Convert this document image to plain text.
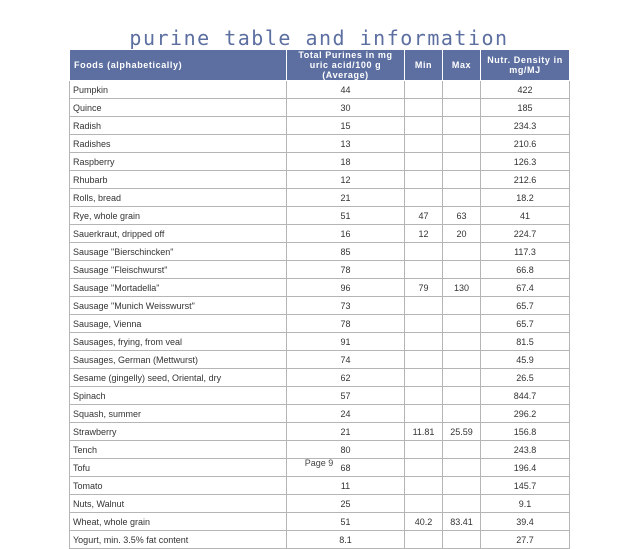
purine table and information
Foods (alphabetically)	Total Purines in mg uric acid/100 g (Average)	Min	Max	Nutr. Density in mg/MJ
Pumpkin	44			422
Quince	30			185
Radish	15			234.3
Radishes	13			210.6
Raspberry	18			126.3
Rhubarb	12			212.6
Rolls, bread	21			18.2
Rye, whole grain	51	47	63	41
Sauerkraut, dripped off	16	12	20	224.7
Sausage "Bierschincken"	85			117.3
Sausage "Fleischwurst"	78			66.8
Sausage "Mortadella"	96	79	130	67.4
Sausage "Munich Weisswurst"	73			65.7
Sausage, Vienna	78			65.7
Sausages, frying, from veal	91			81.5
Sausages, German (Mettwurst)	74			45.9
Sesame (gingelly) seed, Oriental, dry	62			26.5
Spinach	57			844.7
Squash, summer	24			296.2
Strawberry	21	11.81	25.59	156.8
Tench	80			243.8
Tofu	68			196.4
Tomato	11			145.7
Nuts, Walnut	25			9.1
Wheat, whole grain	51	40.2	83.41	39.4
Yogurt, min. 3.5% fat content	8.1			27.7
Page 9
